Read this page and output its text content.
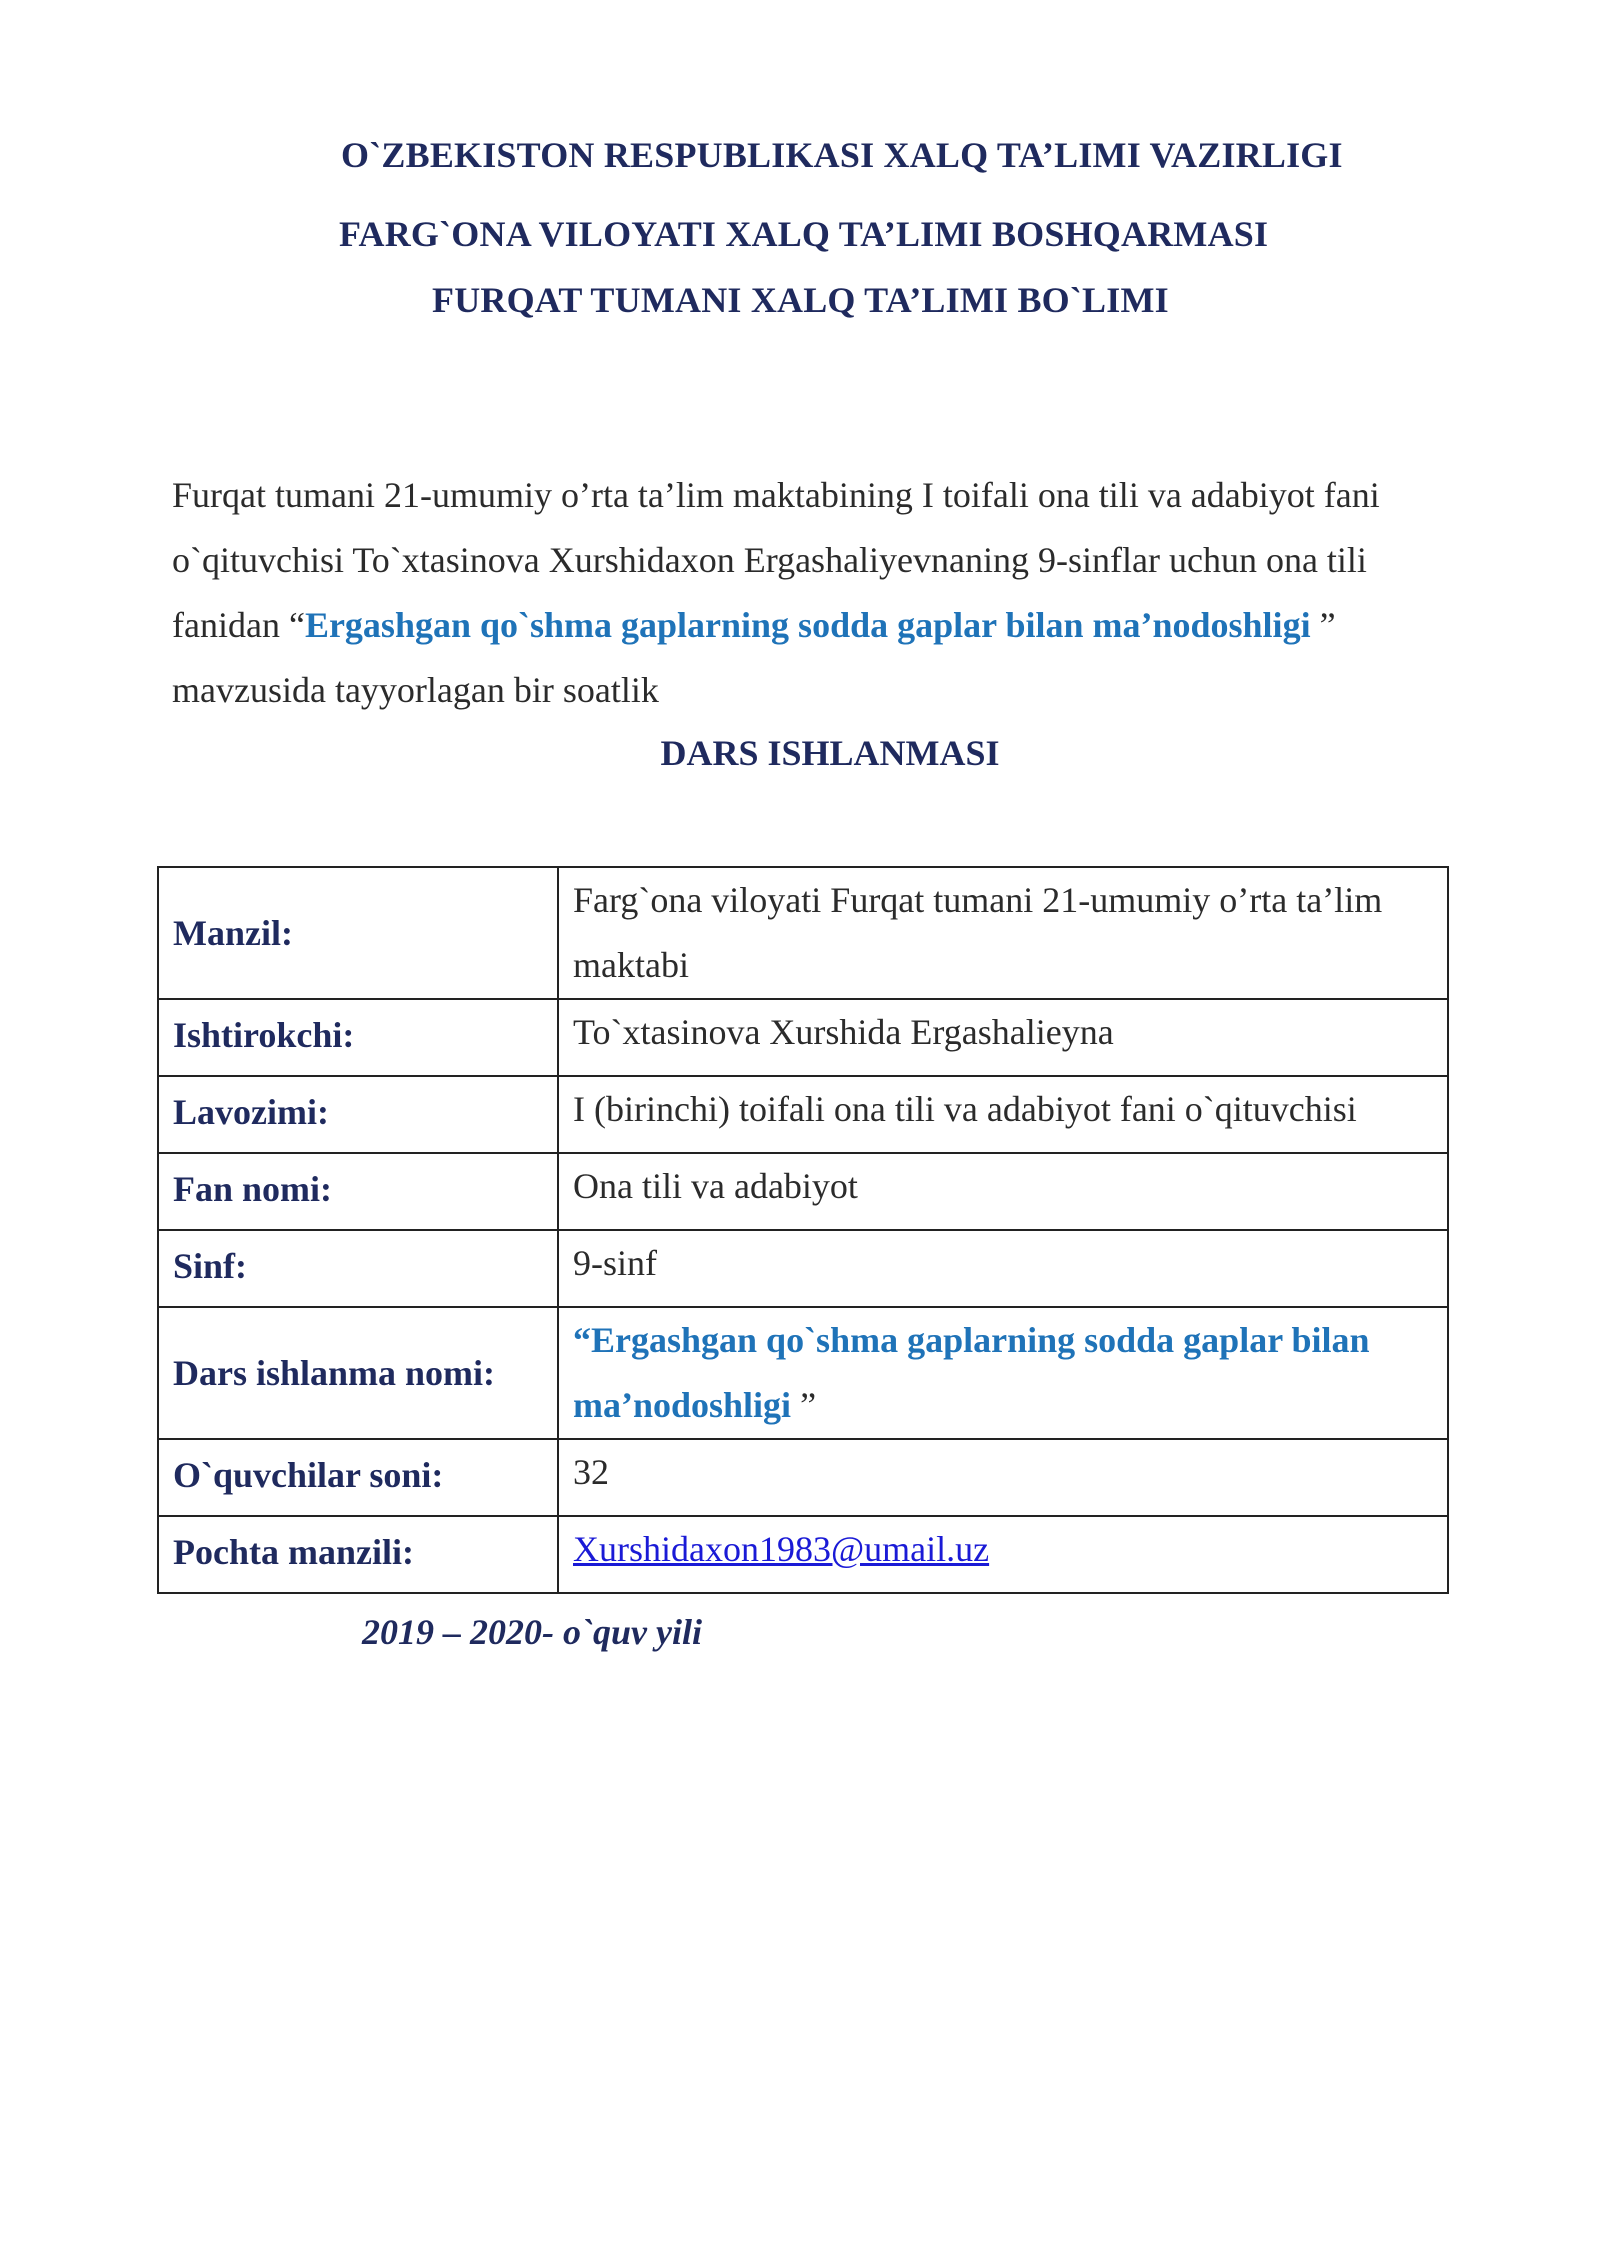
O`ZBEKISTON RESPUBLIKASI XALQ TA’LIMI VAZIRLIGI

FARG`ONA VILOYATI XALQ TA’LIMI BOSHQARMASI

FURQAT TUMANI XALQ TA’LIMI BO`LIMI

Furqat tumani 21-umumiy o’rta ta’lim maktabining I toifali ona tili va adabiyot fani o`qituvchisi To`xtasinova Xurshidaxon Ergashaliyevnaning 9-sinflar uchun ona tili fanidan “Ergashgan qo`shma gaplarning sodda gaplar bilan ma’nodoshligi ” mavzusida tayyorlagan bir soatlik

DARS ISHLANMASI

Manzil:	Farg`ona viloyati Furqat tumani 21-umumiy o’rta ta’lim maktabi
Ishtirokchi:	To`xtasinova Xurshida Ergashalieyna
Lavozimi:	I (birinchi) toifali ona tili va adabiyot fani o`qituvchisi
Fan nomi:	Ona tili va adabiyot
Sinf:	9-sinf
Dars ishlanma nomi:	“Ergashgan qo`shma gaplarning sodda gaplar bilan ma’nodoshligi ”
O`quvchilar soni:	32
Pochta manzili:	Xurshidaxon1983@umail.uz

2019 – 2020- o`quv yili
